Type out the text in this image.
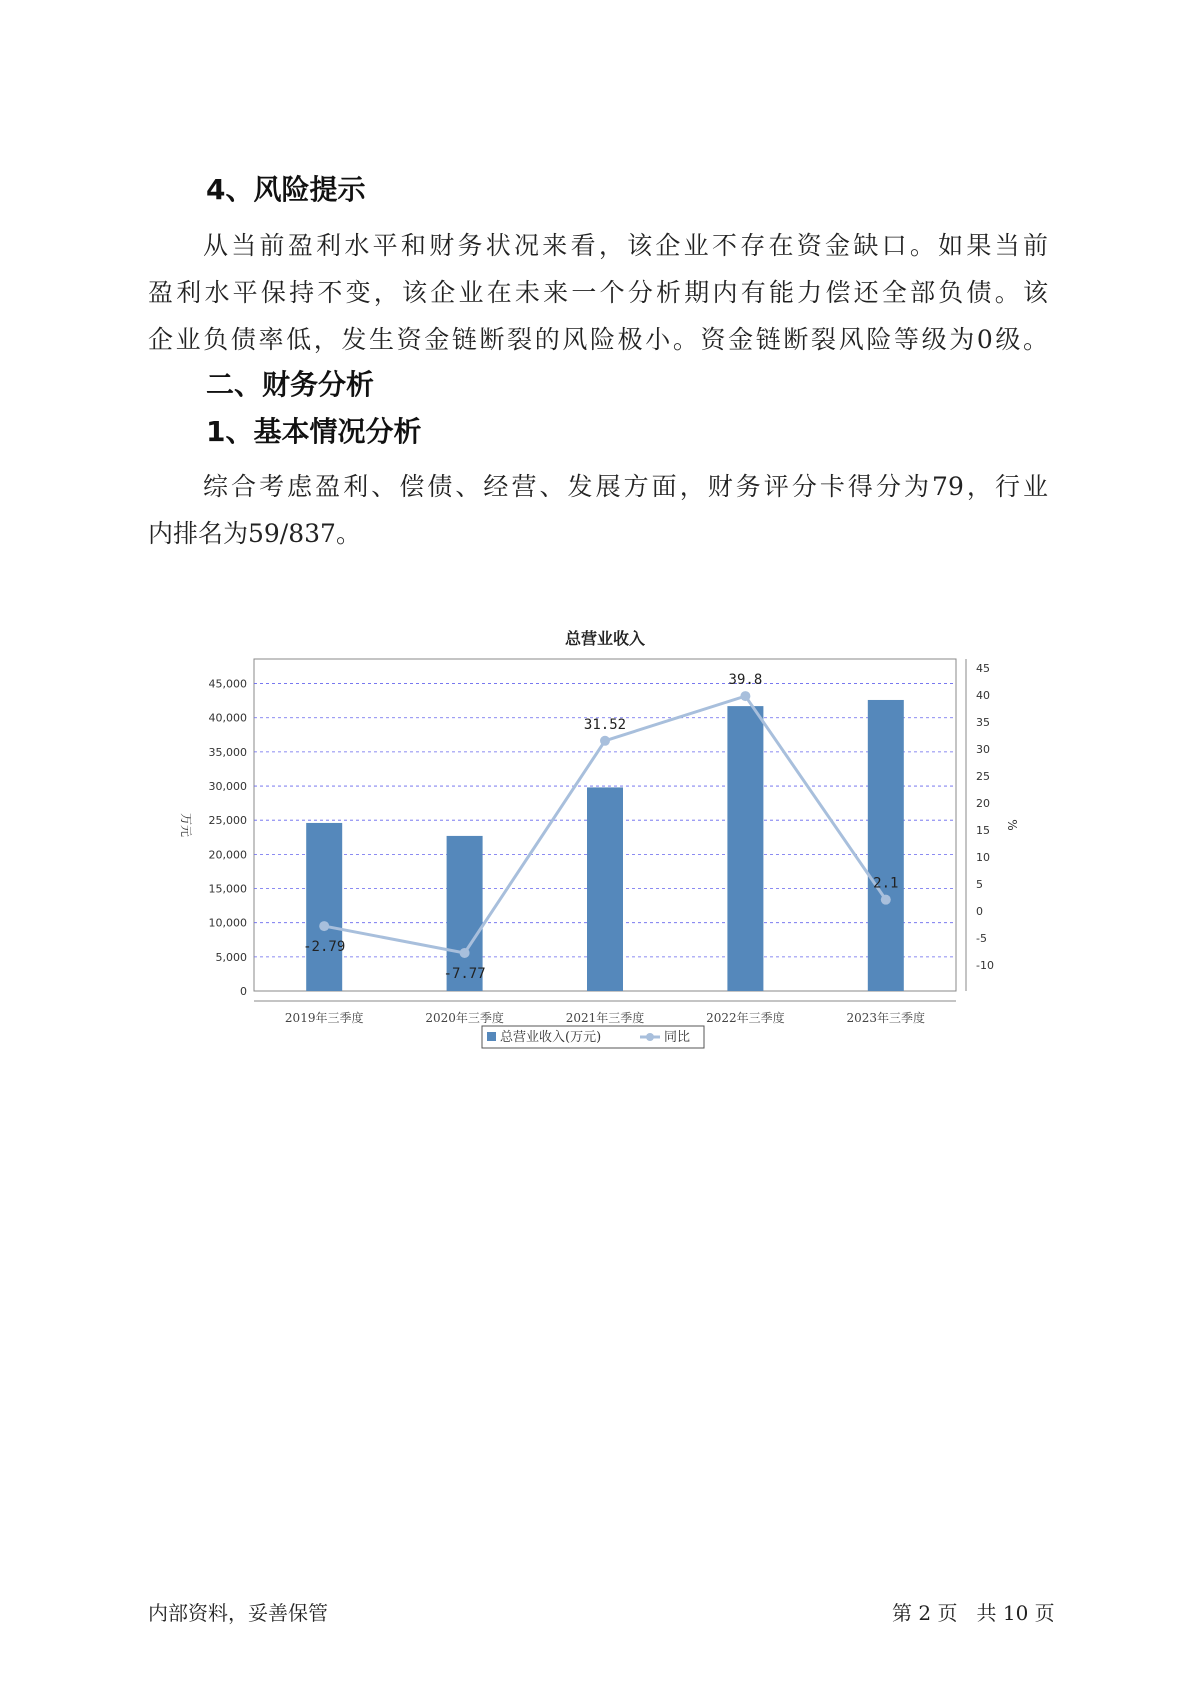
4、风险提示

从当前盈利水平和财务状况来看，该企业不存在资金缺口。如果当前
盈利水平保持不变，该企业在未来一个分析期内有能力偿还全部负债。该
企业负债率低，发生资金链断裂的风险极小。资金链断裂风险等级为0级。

二、财务分析
1、基本情况分析

综合考虑盈利、偿债、经营、发展方面，财务评分卡得分为79，行业
内排名为59/837。

总营业收入
0
5,000
10,000
15,000
20,000
25,000
30,000
35,000
40,000
45,000
-10
-5
0
5
10
15
20
25
30
35
40
45
万元	%
-2.79
-7.77
31.52
39.8
2.1
2019年三季度	2020年三季度	2021年三季度	2022年三季度	2023年三季度
总营业收入(万元)	同比
内部资料，妥善保管	第 2 页   共 10 页
